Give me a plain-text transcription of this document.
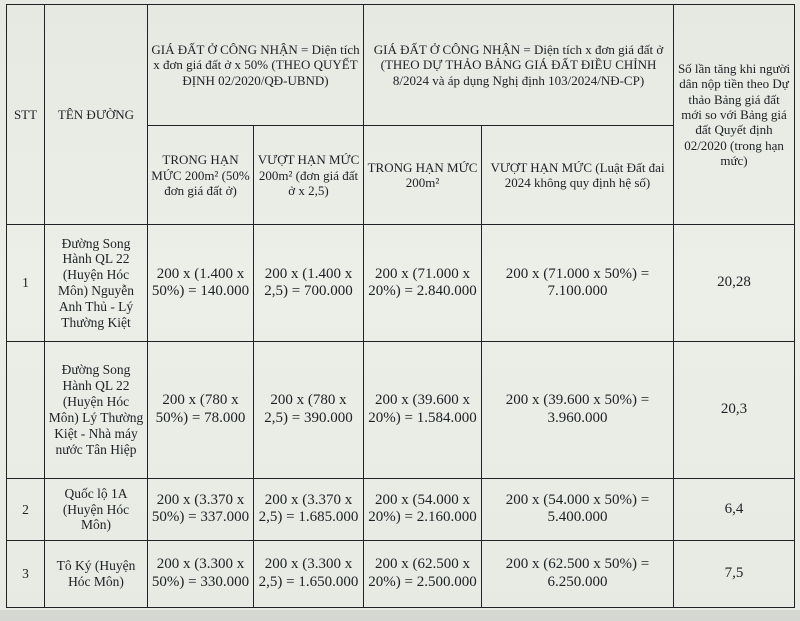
STT	TÊN ĐƯỜNG	GIÁ ĐẤT Ở CÔNG NHẬN = Diện tích x đơn giá đất ở x 50% (THEO QUYẾT ĐỊNH 02/2020/QĐ-UBND)		GIÁ ĐẤT Ở CÔNG NHẬN = Diện tích x đơn giá đất ở
(THEO DỰ THẢO BẢNG GIÁ ĐẤT ĐIỀU CHỈNH 8/2024 và áp dụng Nghị định 103/2024/NĐ-CP)		Số lần tăng khi người dân nộp tiền theo Dự thảo Bảng giá đất mới so với Bảng giá đất Quyết định 02/2020 (trong hạn mức)
		TRONG HẠN MỨC 200m² (50% đơn giá đất ở)	VƯỢT HẠN MỨC 200m² (đơn giá đất ở x 2,5)	TRONG HẠN MỨC 200m²	VƯỢT HẠN MỨC (Luật Đất đai 2024 không quy định hệ số)	
1	Đường Song Hành QL 22 (Huyện Hóc Môn) Nguyễn Anh Thủ - Lý Thường Kiệt	200 x (1.400 x 50%) = 140.000	200 x (1.400 x 2,5) = 700.000	200 x (71.000 x 20%) = 2.840.000	200 x (71.000 x 50%) = 7.100.000	20,28
	Đường Song Hành QL 22 (Huyện Hóc Môn) Lý Thường Kiệt - Nhà máy nước Tân Hiệp	200 x (780 x 50%) = 78.000	200 x (780 x 2,5) = 390.000	200 x (39.600 x 20%) = 1.584.000	200 x (39.600 x 50%) = 3.960.000	20,3
2	Quốc lộ 1A (Huyện Hóc Môn)	200 x (3.370 x 50%) = 337.000	200 x (3.370 x 2,5) = 1.685.000	200 x (54.000 x 20%) = 2.160.000	200 x (54.000 x 50%) = 5.400.000	6,4
3	Tô Ký (Huyện Hóc Môn)	200 x (3.300 x 50%) = 330.000	200 x (3.300 x 2,5) = 1.650.000	200 x (62.500 x 20%) = 2.500.000	200 x (62.500 x 50%) = 6.250.000	7,5
